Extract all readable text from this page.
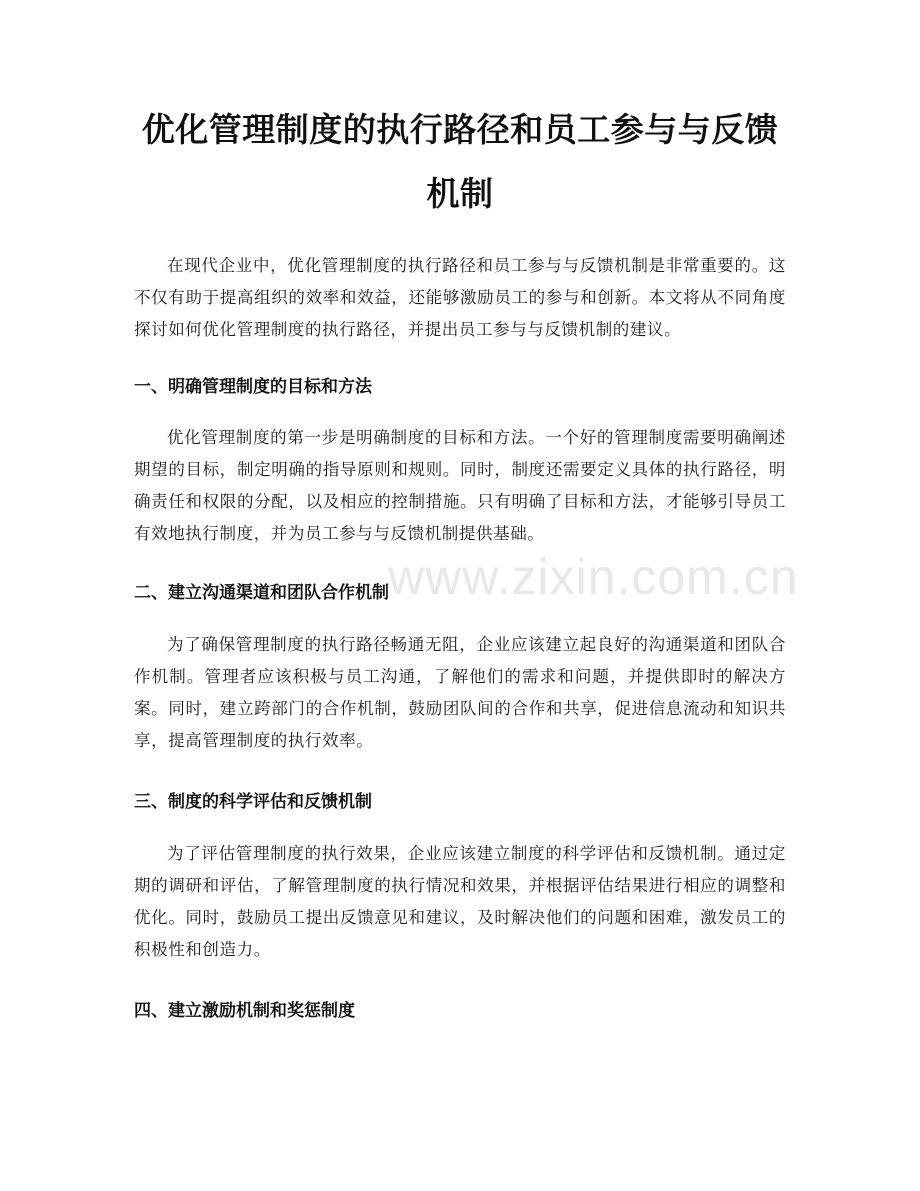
优化管理制度的执行路径和员工参与与反馈
机制

在现代企业中，优化管理制度的执行路径和员工参与与反馈机制是非常重要的。这不仅有助于提高组织的效率和效益，还能够激励员工的参与和创新。本文将从不同角度探讨如何优化管理制度的执行路径，并提出员工参与与反馈机制的建议。

一、明确管理制度的目标和方法

优化管理制度的第一步是明确制度的目标和方法。一个好的管理制度需要明确阐述期望的目标，制定明确的指导原则和规则。同时，制度还需要定义具体的执行路径，明确责任和权限的分配，以及相应的控制措施。只有明确了目标和方法，才能够引导员工有效地执行制度，并为员工参与与反馈机制提供基础。

二、建立沟通渠道和团队合作机制

为了确保管理制度的执行路径畅通无阻，企业应该建立起良好的沟通渠道和团队合作机制。管理者应该积极与员工沟通，了解他们的需求和问题，并提供即时的解决方案。同时，建立跨部门的合作机制，鼓励团队间的合作和共享，促进信息流动和知识共享，提高管理制度的执行效率。

三、制度的科学评估和反馈机制

为了评估管理制度的执行效果，企业应该建立制度的科学评估和反馈机制。通过定期的调研和评估，了解管理制度的执行情况和效果，并根据评估结果进行相应的调整和优化。同时，鼓励员工提出反馈意见和建议，及时解决他们的问题和困难，激发员工的积极性和创造力。

四、建立激励机制和奖惩制度
www.zixin.com.cn
